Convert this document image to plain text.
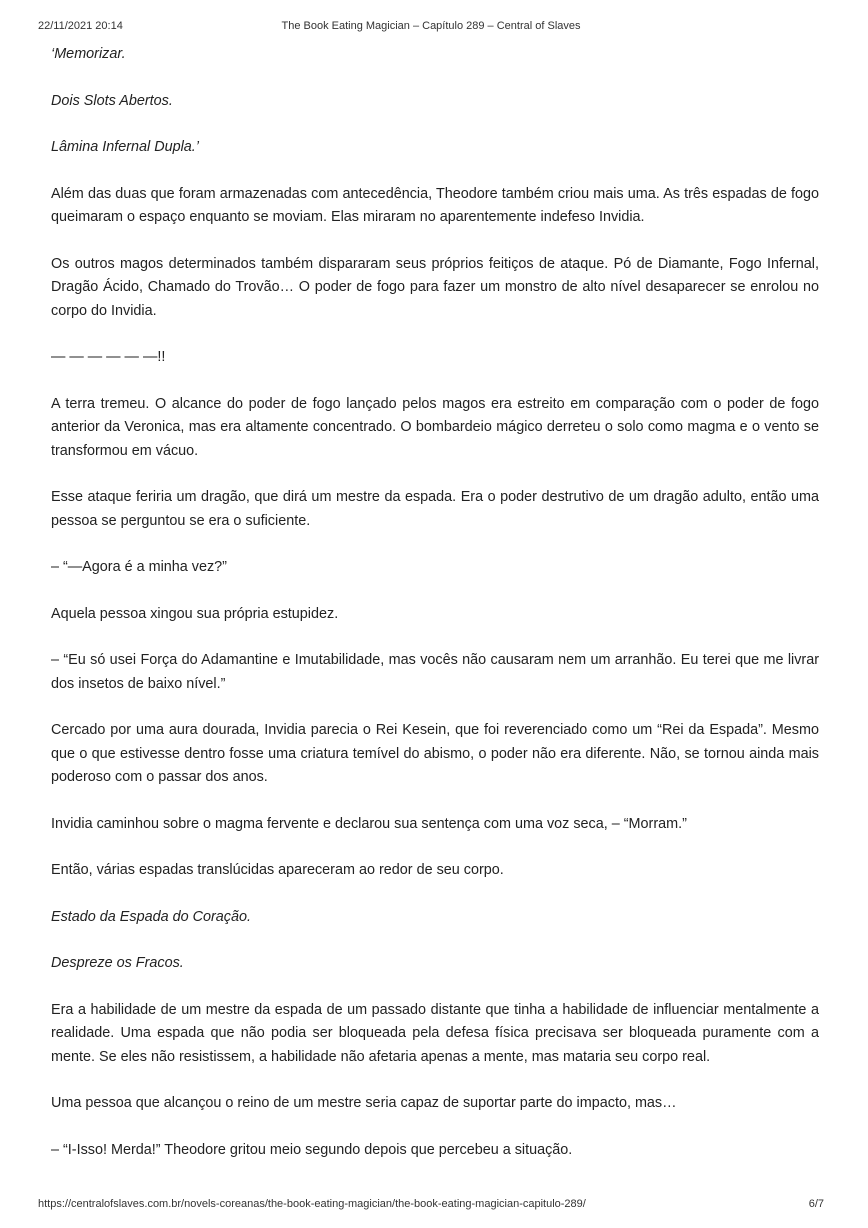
22/11/2021 20:14	The Book Eating Magician – Capítulo 289 – Central of Slaves

‘Memorizar.

Dois Slots Abertos.

Lâmina Infernal Dupla.’

Além das duas que foram armazenadas com antecedência, Theodore também criou mais uma. As três espadas de fogo queimaram o espaço enquanto se moviam. Elas miraram no aparentemente indefeso Invidia.

Os outros magos determinados também dispararam seus próprios feitiços de ataque. Pó de Diamante, Fogo Infernal, Dragão Ácido, Chamado do Trovão… O poder de fogo para fazer um monstro de alto nível desaparecer se enrolou no corpo do Invidia.

— — — — — —!!

A terra tremeu. O alcance do poder de fogo lançado pelos magos era estreito em comparação com o poder de fogo anterior da Veronica, mas era altamente concentrado. O bombardeio mágico derreteu o solo como magma e o vento se transformou em vácuo.

Esse ataque feriria um dragão, que dirá um mestre da espada. Era o poder destrutivo de um dragão adulto, então uma pessoa se perguntou se era o suficiente.

– “—Agora é a minha vez?”

Aquela pessoa xingou sua própria estupidez.

– “Eu só usei Força do Adamantine e Imutabilidade, mas vocês não causaram nem um arranhão. Eu terei que me livrar dos insetos de baixo nível.”

Cercado por uma aura dourada, Invidia parecia o Rei Kesein, que foi reverenciado como um “Rei da Espada”. Mesmo que o que estivesse dentro fosse uma criatura temível do abismo, o poder não era diferente. Não, se tornou ainda mais poderoso com o passar dos anos.

Invidia caminhou sobre o magma fervente e declarou sua sentença com uma voz seca, – “Morram.”

Então, várias espadas translúcidas apareceram ao redor de seu corpo.

Estado da Espada do Coração.

Despreze os Fracos.

Era a habilidade de um mestre da espada de um passado distante que tinha a habilidade de influenciar mentalmente a realidade. Uma espada que não podia ser bloqueada pela defesa física precisava ser bloqueada puramente com a mente. Se eles não resistissem, a habilidade não afetaria apenas a mente, mas mataria seu corpo real.

Uma pessoa que alcançou o reino de um mestre seria capaz de suportar parte do impacto, mas…

– “I-Isso! Merda!” Theodore gritou meio segundo depois que percebeu a situação.

https://centralofslaves.com.br/novels-coreanas/the-book-eating-magician/the-book-eating-magician-capitulo-289/	6/7
